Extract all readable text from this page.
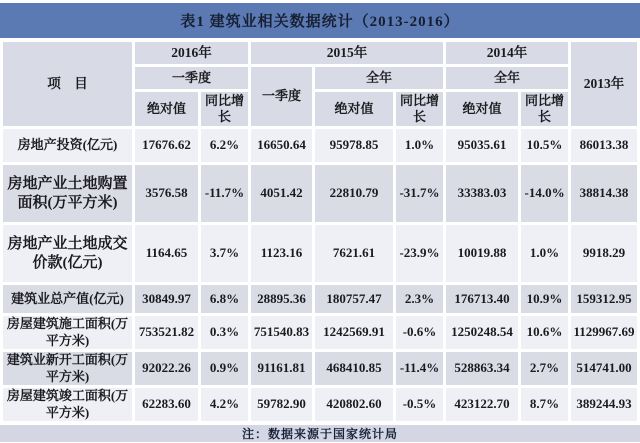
表1 建筑业相关数据统计（2013-2016）
项　目	2016年		2015年			2014年		2013年
	一季度		一季度	全年		全年		
	绝对值	同比增长		绝对值	同比增长	绝对值	同比增长	
房地产投资(亿元)	17676.62	6.2%	16650.64	95978.85	1.0%	95035.61	10.5%	86013.38
房地产业土地购置面积(万平方米)	3576.58	-11.7%	4051.42	22810.79	-31.7%	33383.03	-14.0%	38814.38
房地产业土地成交价款(亿元)	1164.65	3.7%	1123.16	7621.61	-23.9%	10019.88	1.0%	9918.29
建筑业总产值(亿元)	30849.97	6.8%	28895.36	180757.47	2.3%	176713.40	10.9%	159312.95
房屋建筑施工面积(万平方米)	753521.82	0.3%	751540.83	1242569.91	-0.6%	1250248.54	10.6%	1129967.69
建筑业新开工面积(万平方米)	92022.26	0.9%	91161.81	468410.85	-11.4%	528863.34	2.7%	514741.00
房屋建筑竣工面积(万平方米)	62283.60	4.2%	59782.90	420802.60	-0.5%	423122.70	8.7%	389244.93
注：数据来源于国家统计局
